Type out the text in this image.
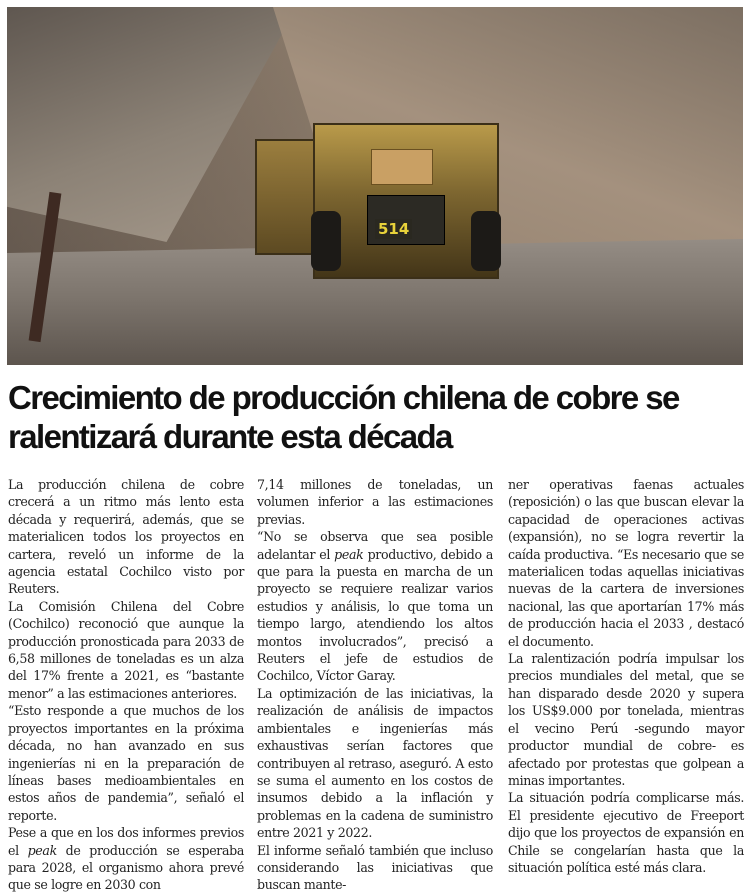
514
Crecimiento de producción chilena de cobre se ralentizará durante esta década

La producción chilena de cobre crecerá a un ritmo más lento esta década y requerirá, además, que se materialicen todos los proyectos en cartera, reveló un informe de la agencia estatal Cochilco visto por Reuters.

La Comisión Chilena del Cobre (Cochilco) reconoció que aunque la producción pronosticada para 2033 de 6,58 millones de toneladas es un alza del 17% frente a 2021, es “bastante menor” a las estimaciones anteriores.

“Esto responde a que muchos de los proyectos importantes en la próxima década, no han avanzado en sus ingenierías ni en la preparación de líneas bases medioambientales en estos años de pandemia”, señaló el reporte.

Pese a que en los dos informes previos el peak de producción se esperaba para 2028, el organismo ahora prevé que se logre en 2030 con

7,14 millones de toneladas, un volumen inferior a las estimaciones previas.

“No se observa que sea posible adelantar el peak productivo, debido a que para la puesta en marcha de un proyecto se requiere realizar varios estudios y análisis, lo que toma un tiempo largo, atendiendo los altos montos involucrados”, precisó a Reuters el jefe de estudios de Cochilco, Víctor Garay.

La optimización de las iniciativas, la realización de análisis de impactos ambientales e ingenierías más exhaustivas serían factores que contribuyen al retraso, aseguró. A esto se suma el aumento en los costos de insumos debido a la inflación y problemas en la cadena de suministro entre 2021 y 2022.

El informe señaló también que incluso considerando las iniciativas que buscan mante-

ner operativas faenas actuales (reposición) o las que buscan elevar la capacidad de operaciones activas (expansión), no se logra revertir la caída productiva. “Es necesario que se materialicen todas aquellas iniciativas nuevas de la cartera de inversiones nacional, las que aportarían 17% más de producción hacia el 2033 , destacó el documento.

La ralentización podría impulsar los precios mundiales del metal, que se han disparado desde 2020 y supera los US$9.000 por tonelada, mientras el vecino Perú -segundo mayor productor mundial de cobre- es afectado por protestas que golpean a minas importantes.

La situación podría complicarse más. El presidente ejecutivo de Freeport dijo que los proyectos de expansión en Chile se congelarían hasta que la situación política esté más clara.
